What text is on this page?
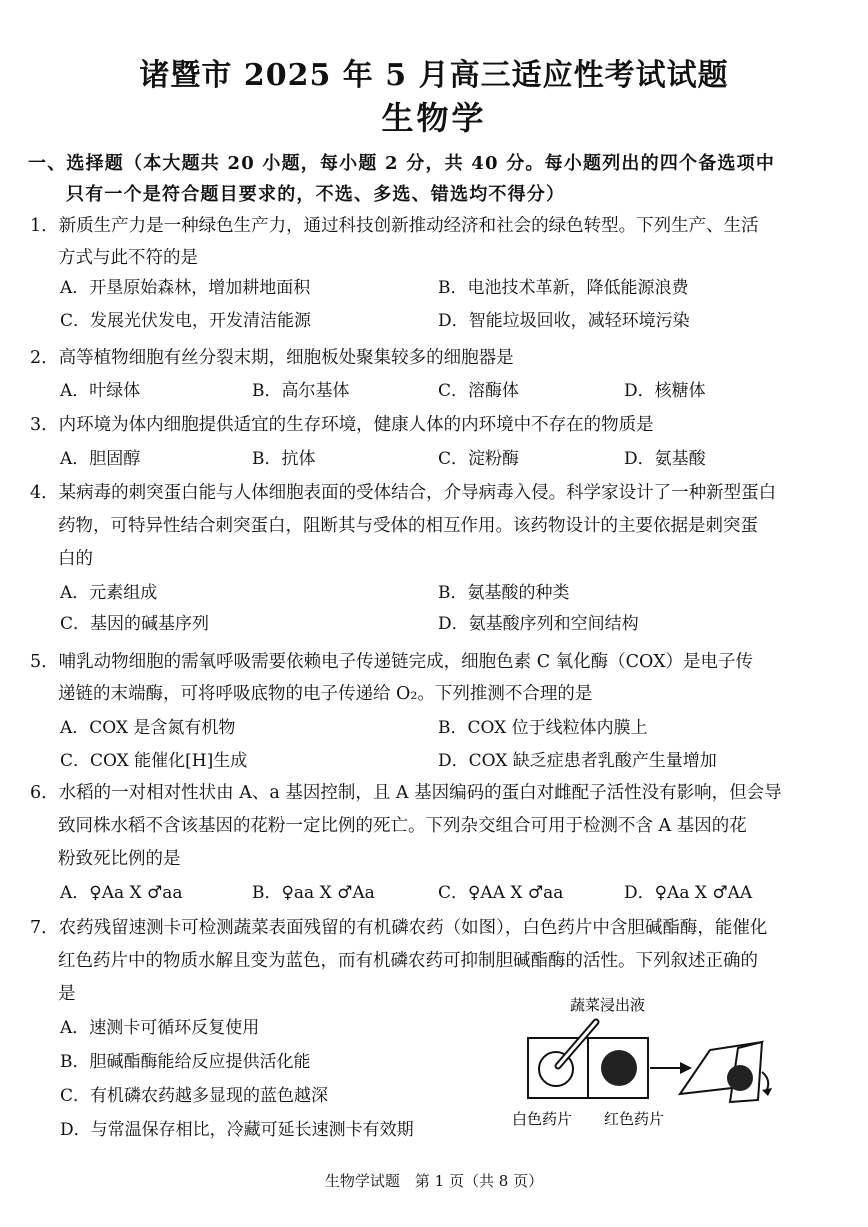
诸暨市 2025 年 5 月高三适应性考试试题
生物学
一、选择题（本大题共 20 小题，每小题 2 分，共 40 分。每小题列出的四个备选项中
只有一个是符合题目要求的，不选、多选、错选均不得分）
1．新质生产力是一种绿色生产力，通过科技创新推动经济和社会的绿色转型。下列生产、生活
方式与此不符的是
A．开垦原始森林，增加耕地面积	B．电池技术革新，降低能源浪费
C．发展光伏发电，开发清洁能源	D．智能垃圾回收，减轻环境污染
2．高等植物细胞有丝分裂末期，细胞板处聚集较多的细胞器是
A．叶绿体	B．高尔基体	C．溶酶体	D．核糖体
3．内环境为体内细胞提供适宜的生存环境，健康人体的内环境中不存在的物质是
A．胆固醇	B．抗体	C．淀粉酶	D．氨基酸
4．某病毒的刺突蛋白能与人体细胞表面的受体结合，介导病毒入侵。科学家设计了一种新型蛋白
药物，可特异性结合刺突蛋白，阻断其与受体的相互作用。该药物设计的主要依据是刺突蛋
白的
A．元素组成	B．氨基酸的种类
C．基因的碱基序列	D．氨基酸序列和空间结构
5．哺乳动物细胞的需氧呼吸需要依赖电子传递链完成，细胞色素 C 氧化酶（COX）是电子传
递链的末端酶，可将呼吸底物的电子传递给 O₂。下列推测不合理的是
A．COX 是含氮有机物	B．COX 位于线粒体内膜上
C．COX 能催化[H]生成	D．COX 缺乏症患者乳酸产生量增加
6．水稻的一对相对性状由 A、a 基因控制，且 A 基因编码的蛋白对雌配子活性没有影响，但会导
致同株水稻不含该基因的花粉一定比例的死亡。下列杂交组合可用于检测不含 A 基因的花
粉致死比例的是
A．♀Aa X ♂aa	B．♀aa X ♂Aa	C．♀AA X ♂aa	D．♀Aa X ♂AA
7．农药残留速测卡可检测蔬菜表面残留的有机磷农药（如图），白色药片中含胆碱酯酶，能催化
红色药片中的物质水解且变为蓝色，而有机磷农药可抑制胆碱酯酶的活性。下列叙述正确的
是
A．速测卡可循环反复使用
B．胆碱酯酶能给反应提供活化能
C．有机磷农药越多显现的蓝色越深
D．与常温保存相比，冷藏可延长速测卡有效期
蔬菜浸出液
白色药片 红色药片
生物学试题　第 1 页（共 8 页）
